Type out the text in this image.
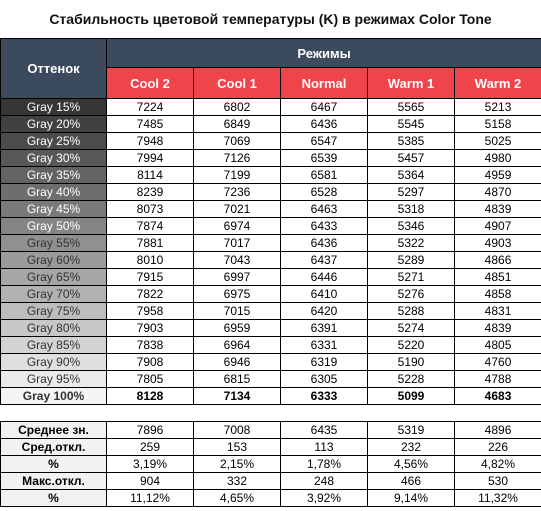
Стабильность цветовой температуры (K) в режимах Color Tone
Оттенок	Режимы				
	Cool 2	Cool 1	Normal	Warm 1	Warm 2
Gray 15%	7224	6802	6467	5565	5213
Gray 20%	7485	6849	6436	5545	5158
Gray 25%	7948	7069	6547	5385	5025
Gray 30%	7994	7126	6539	5457	4980
Gray 35%	8114	7199	6581	5364	4959
Gray 40%	8239	7236	6528	5297	4870
Gray 45%	8073	7021	6463	5318	4839
Gray 50%	7874	6974	6433	5346	4907
Gray 55%	7881	7017	6436	5322	4903
Gray 60%	8010	7043	6437	5289	4866
Gray 65%	7915	6997	6446	5271	4851
Gray 70%	7822	6975	6410	5276	4858
Gray 75%	7958	7015	6420	5288	4831
Gray 80%	7903	6959	6391	5274	4839
Gray 85%	7838	6964	6331	5220	4805
Gray 90%	7908	6946	6319	5190	4760
Gray 95%	7805	6815	6305	5228	4788
Gray 100%	8128	7134	6333	5099	4683

Среднее зн.	7896	7008	6435	5319	4896
Сред.откл.	259	153	113	232	226
%	3,19%	2,15%	1,78%	4,56%	4,82%
Макс.откл.	904	332	248	466	530
%	11,12%	4,65%	3,92%	9,14%	11,32%
